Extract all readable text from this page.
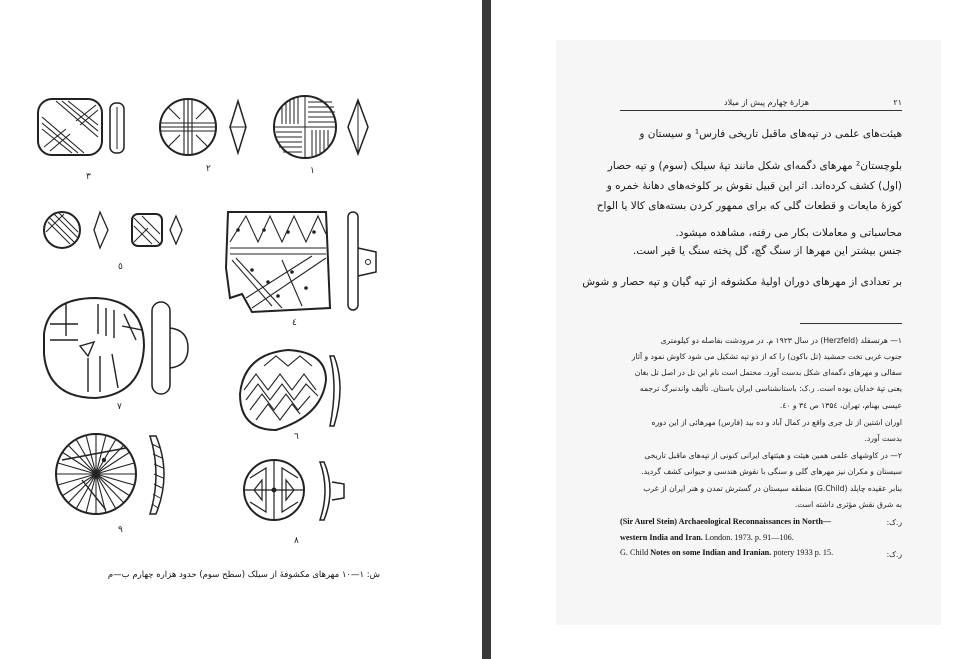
٣
٢	١
٥
٤
٧
٦
٩
٨
ش: ١—١٠ مهرهای مکشوفهٔ از سیلک (سطح سوم) حدود هزاره چهارم ب—م
٢١
هزارهٔ چهارم پیش از میلاد
هیئت‌های علمی در تپه‌های ماقبل تاریخی فارس¹ و سیستان و
بلوچستان² مهرهای دگمه‌ای شکل مانند تپهٔ سیلک (سوم) و تپه حصار
(اول) کشف کرده‌اند. اثر این قبیل نقوش بر کلوخه‌های دهانهٔ خمره و
کوزهٔ مایعات و قطعات گلی که برای ممهور کردن بسته‌های کالا یا الواح
محاسباتی و معاملات بکار می رفته، مشاهده میشود.
جنس بیشتر این مهرها از سنگ گچ، گل پخته سنگ یا قیر است.
بر تعدادی از مهرهای دوران اولیهٔ مکشوفه از تپه گیان و تپه حصار و شوش
۱— هرتسفلد (Herzfeld) در سال ۱۹۲۳ م. در مرودشت بفاصله دو کیلومتری
جنوب غربی تخت جمشید (تل باکون) را که از دو تپه تشکیل می شود کاوش نمود و آثار
سفالی و مهرهای دگمه‌ای شکل بدست آورد. محتمل است نام این تل در اصل تل بغان
یعنی تپهٔ خدایان بوده است. ر.ک: باستانشناسی ایران باستان. تألیف واندنبرگ ترجمه
عیسی بهنام، تهران، ۱۳۵٤ ص ۳٤ و ٤٠.
اوران اشتین از تل جری واقع در کمال آباد و ده بید (فارس) مهرهائی از این دوره
بدست آورد.
۲— در کاوشهای علمی همین هیئت و هیئتهای ایرانی کنونی از تپه‌های ماقبل تاریخی
سیستان و مکران نیز مهرهای گلی و سنگی با نقوش هندسی و حیوانی کشف گردید.
بنابر عقیده چایلد (G.Child) منطقه سیستان در گسترش تمدن و هنر ایران از غرب
به شرق نقش مؤثری داشته است.
(Sir Aurel Stein) Archaeological Reconnaissances in North—	ر.ک:
western India and Iran. London. 1973. p. 91—106.
G. Child Notes on some Indian and Iranian. potery 1933 p. 15.	ر.ک:
